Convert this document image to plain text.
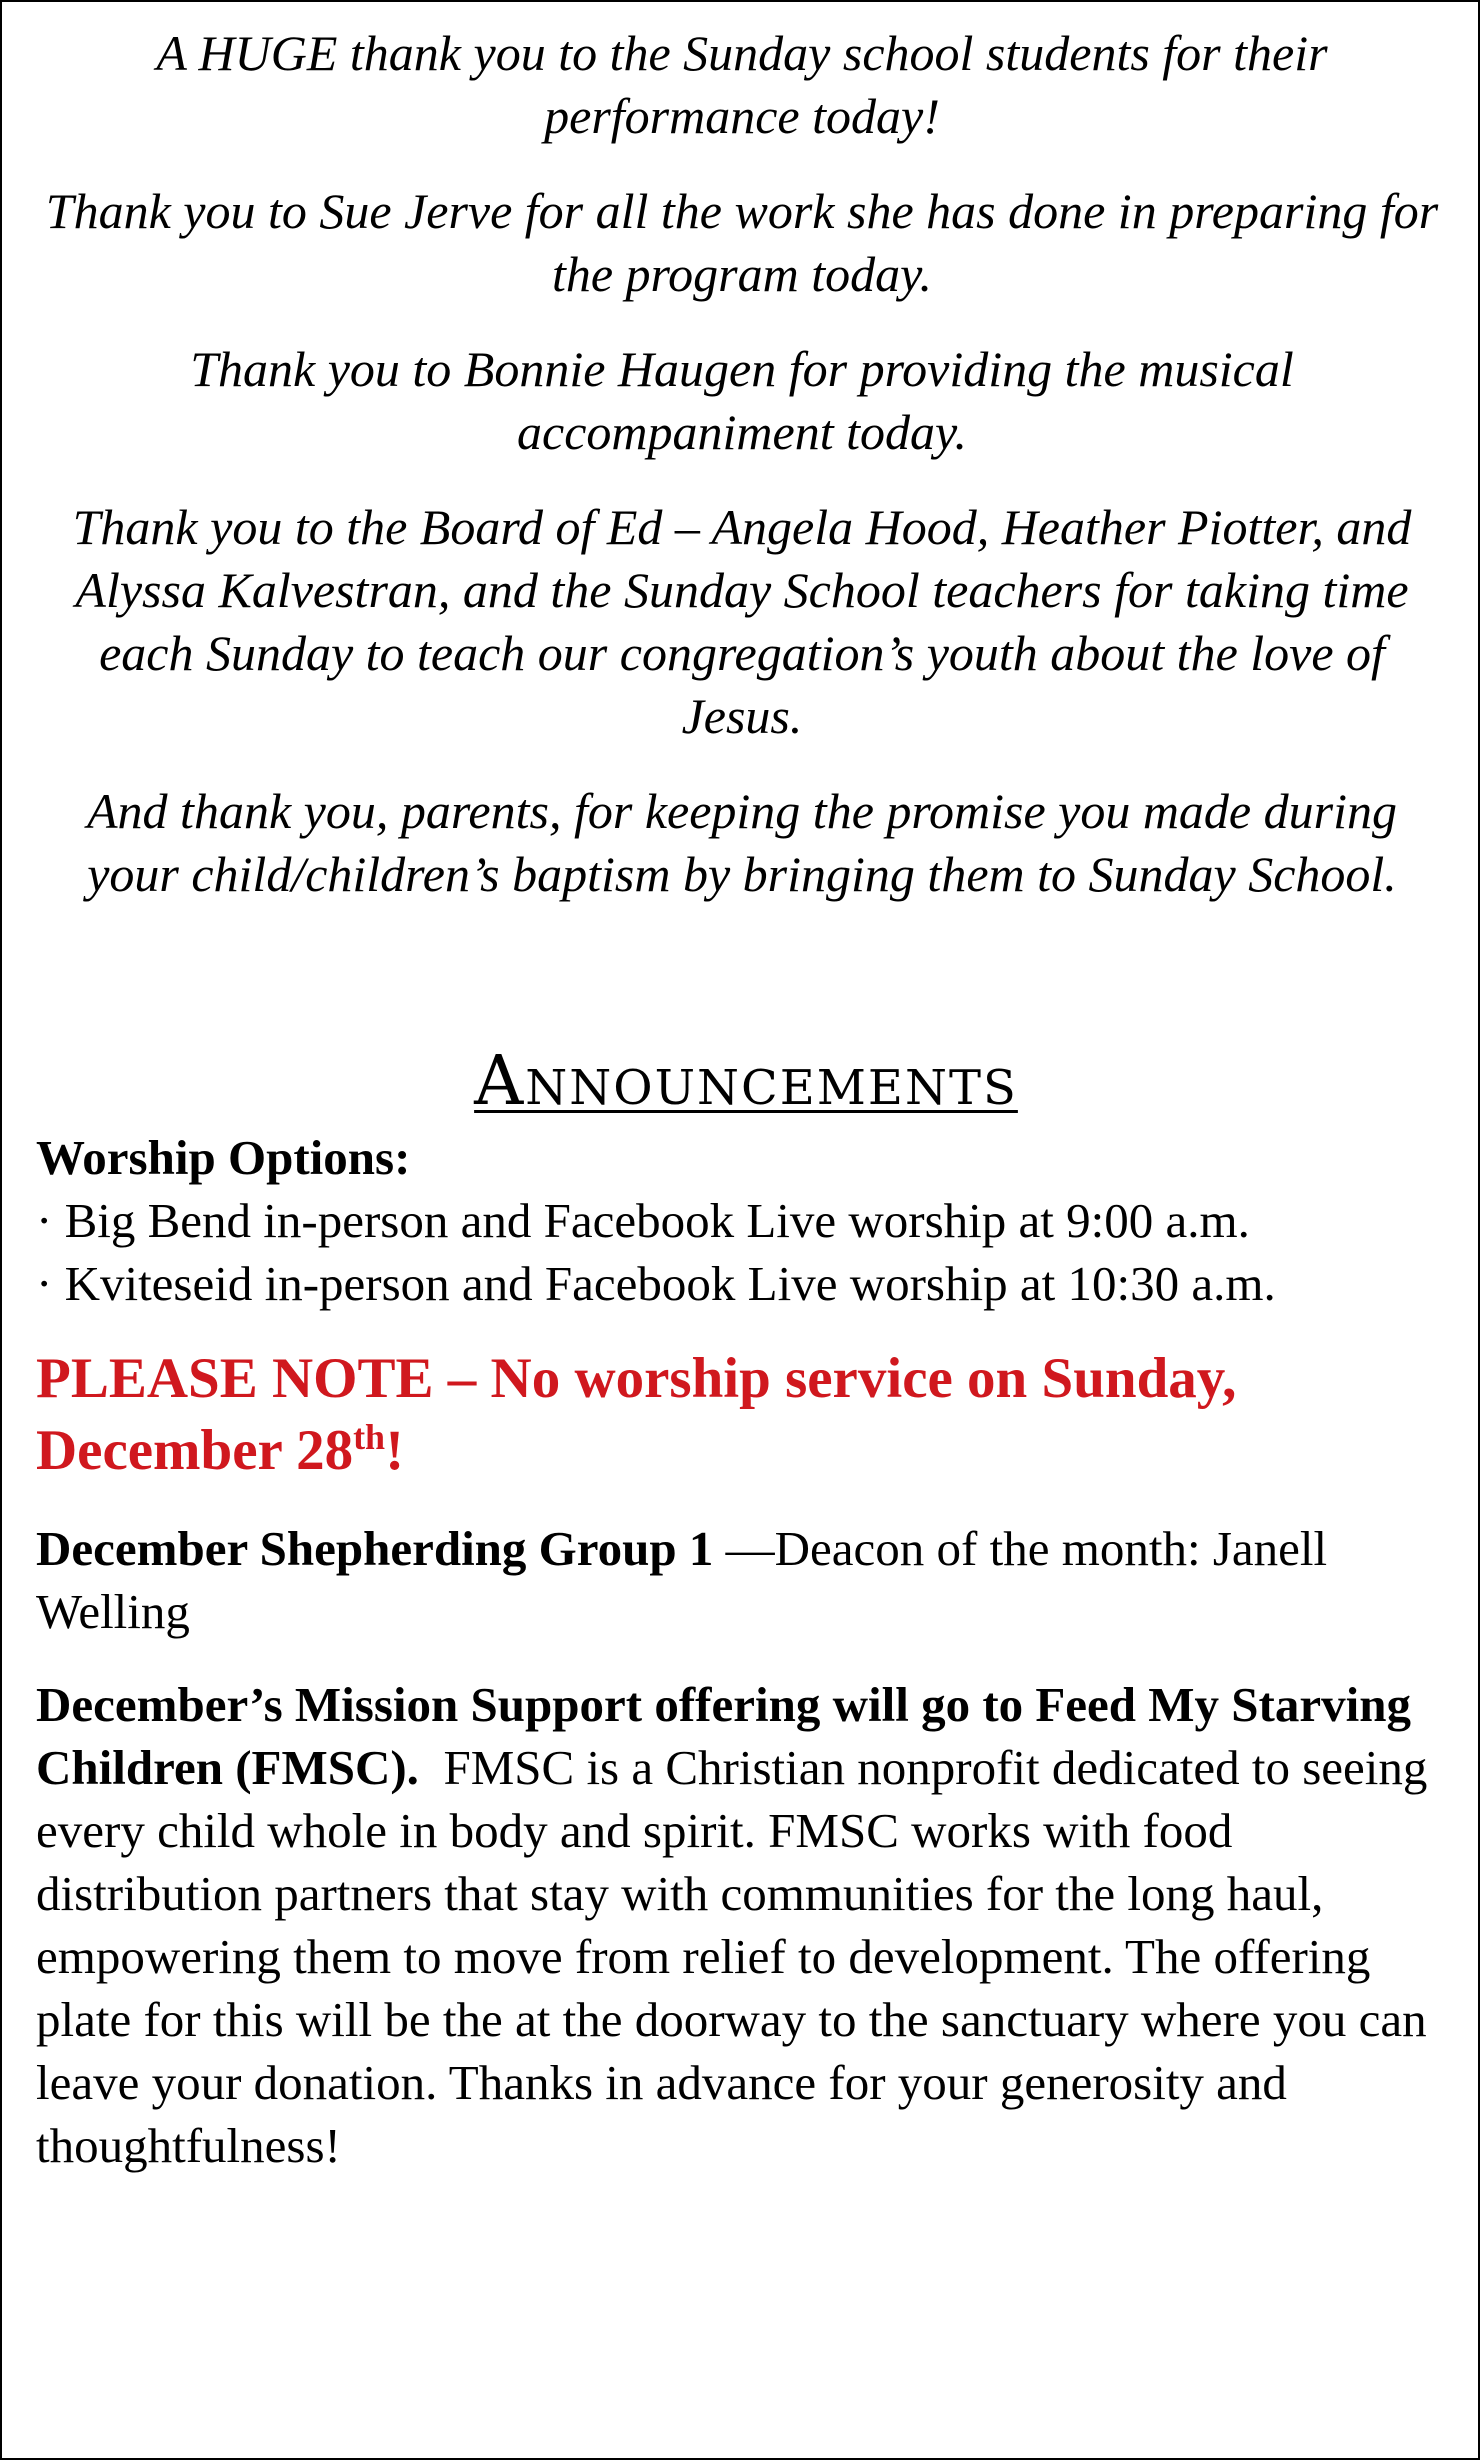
A HUGE thank you to the Sunday school students for their performance today!

Thank you to Sue Jerve for all the work she has done in preparing for the program today.

Thank you to Bonnie Haugen for providing the musical accompaniment today.

Thank you to the Board of Ed – Angela Hood, Heather Piotter, and Alyssa Kalvestran, and the Sunday School teachers for taking time each Sunday to teach our congregation’s youth about the love of Jesus.

And thank you, parents, for keeping the promise you made during your child/children’s baptism by bringing them to Sunday School.

Announcements

Worship Options:

· Big Bend in-person and Facebook Live worship at 9:00 a.m.

· Kviteseid in-person and Facebook Live worship at 10:30 a.m.

PLEASE NOTE – No worship service on Sunday, December 28th!

December Shepherding Group 1 —Deacon of the month: Janell Welling

December’s Mission Support offering will go to Feed My Starving Children (FMSC).  FMSC is a Christian nonprofit dedicated to seeing every child whole in body and spirit. FMSC works with food distribution partners that stay with communities for the long haul, empowering them to move from relief to development. The offering plate for this will be the at the doorway to the sanctuary where you can leave your donation. Thanks in advance for your generosity and thoughtfulness!
